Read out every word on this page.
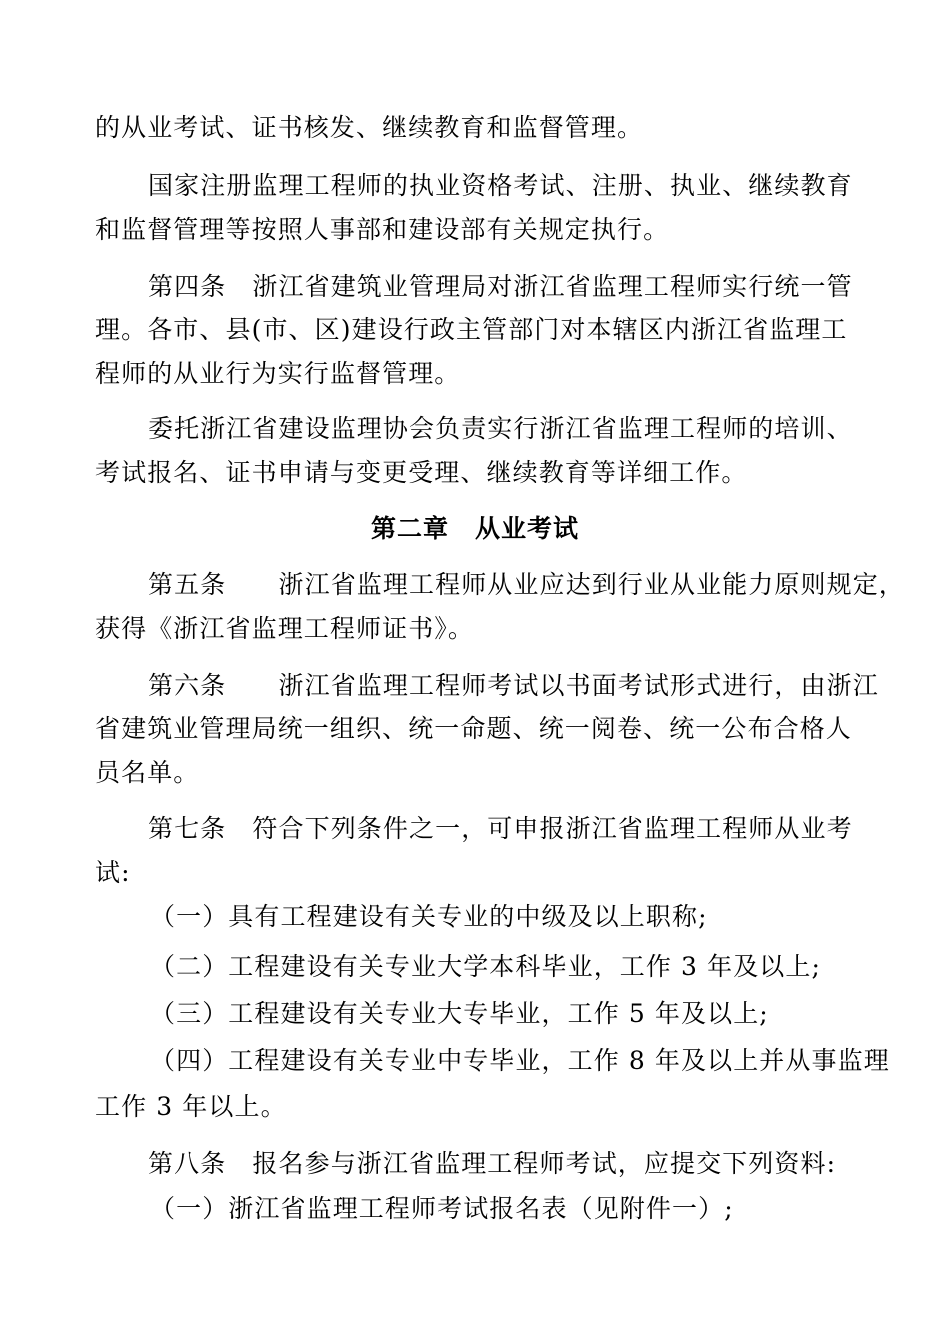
的从业考试、证书核发、继续教育和监督管理。
国家注册监理工程师的执业资格考试、注册、执业、继续教育
和监督管理等按照人事部和建设部有关规定执行。
第四条　浙江省建筑业管理局对浙江省监理工程师实行统一管
理。各市、县(市、区)建设行政主管部门对本辖区内浙江省监理工
程师的从业行为实行监督管理。
委托浙江省建设监理协会负责实行浙江省监理工程师的培训、
考试报名、证书申请与变更受理、继续教育等详细工作。
第二章　从业考试
第五条　　浙江省监理工程师从业应达到行业从业能力原则规定，
获得《浙江省监理工程师证书》。
第六条　　浙江省监理工程师考试以书面考试形式进行，由浙江
省建筑业管理局统一组织、统一命题、统一阅卷、统一公布合格人
员名单。
第七条　符合下列条件之一，可申报浙江省监理工程师从业考
试:
（一）具有工程建设有关专业的中级及以上职称;
（二）工程建设有关专业大学本科毕业，工作 3 年及以上;
（三）工程建设有关专业大专毕业，工作 5 年及以上;
（四）工程建设有关专业中专毕业，工作 8 年及以上并从事监理
工作 3 年以上。
第八条　报名参与浙江省监理工程师考试，应提交下列资料:
（一）浙江省监理工程师考试报名表（见附件一）;
